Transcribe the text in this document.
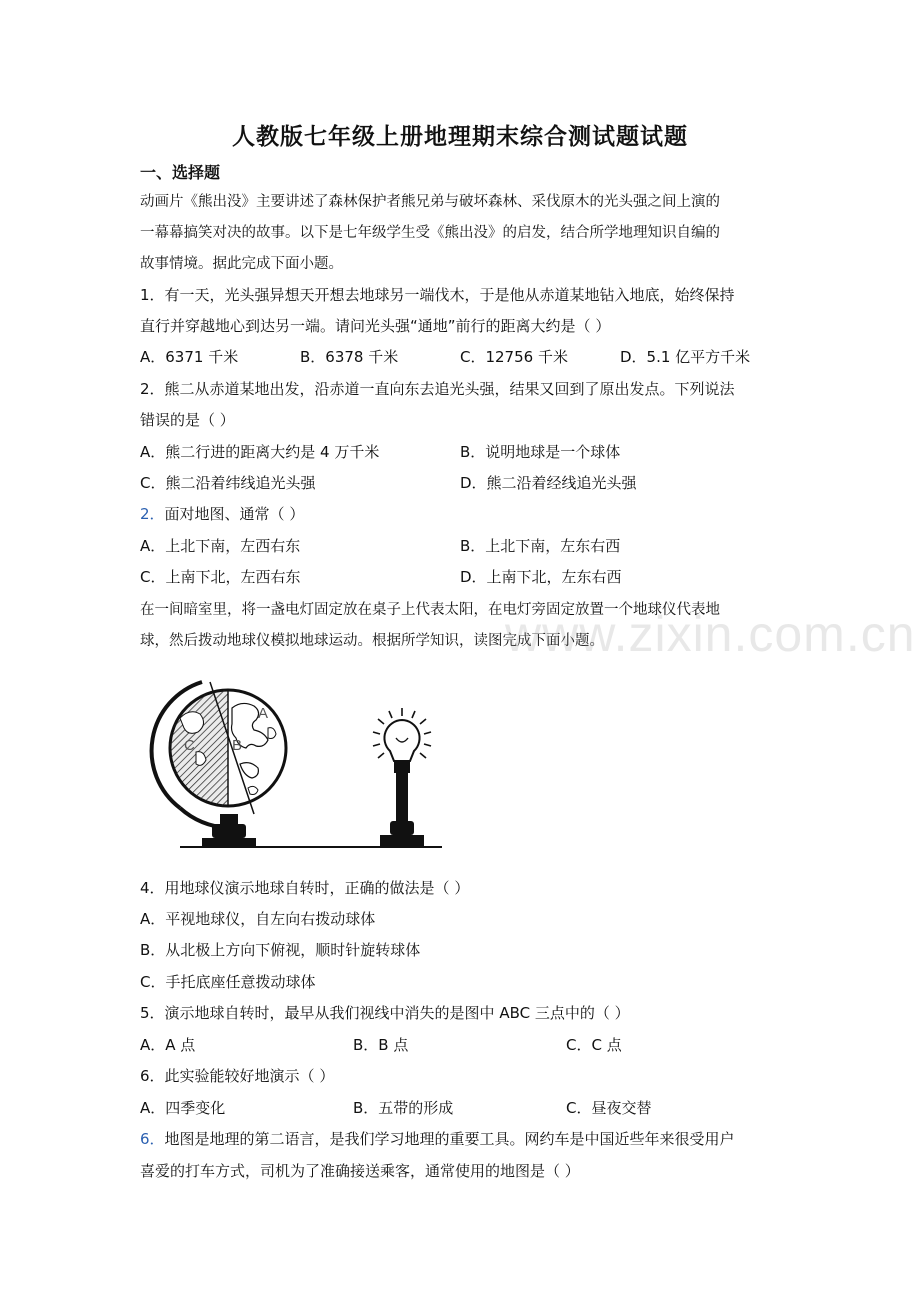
人教版七年级上册地理期末综合测试题试题
一、选择题
动画片《熊出没》主要讲述了森林保护者熊兄弟与破坏森林、采伐原木的光头强之间上演的
一幕幕搞笑对决的故事。以下是七年级学生受《熊出没》的启发，结合所学地理知识自编的
故事情境。据此完成下面小题。
1．有一天，光头强异想天开想去地球另一端伐木，于是他从赤道某地钻入地底，始终保持
直行并穿越地心到达另一端。请问光头强“通地”前行的距离大约是（ ）
A．6371 千米	B．6378 千米	C．12756 千米	D．5.1 亿平方千米
2．熊二从赤道某地出发，沿赤道一直向东去追光头强，结果又回到了原出发点。下列说法
错误的是（ ）
A．熊二行进的距离大约是 4 万千米	B．说明地球是一个球体
C．熊二沿着纬线追光头强	D．熊二沿着经线追光头强
2．面对地图、通常（ ）
A．上北下南，左西右东	B．上北下南，左东右西
C．上南下北，左西右东	D．上南下北，左东右西
在一间暗室里，将一盏电灯固定放在桌子上代表太阳，在电灯旁固定放置一个地球仪代表地
球，然后拨动地球仪模拟地球运动。根据所学知识，读图完成下面小题。
www.zixin.com.cn
A
B
C
4．用地球仪演示地球自转时，正确的做法是（ ）
A．平视地球仪，自左向右拨动球体
B．从北极上方向下俯视，顺时针旋转球体
C．手托底座任意拨动球体
5．演示地球自转时，最早从我们视线中消失的是图中 ABC 三点中的（ ）
A．A 点	B．B 点	C．C 点
6．此实验能较好地演示（ ）
A．四季变化	B．五带的形成	C．昼夜交替
6．地图是地理的第二语言，是我们学习地理的重要工具。网约车是中国近些年来很受用户
喜爱的打车方式，司机为了准确接送乘客，通常使用的地图是（ ）
